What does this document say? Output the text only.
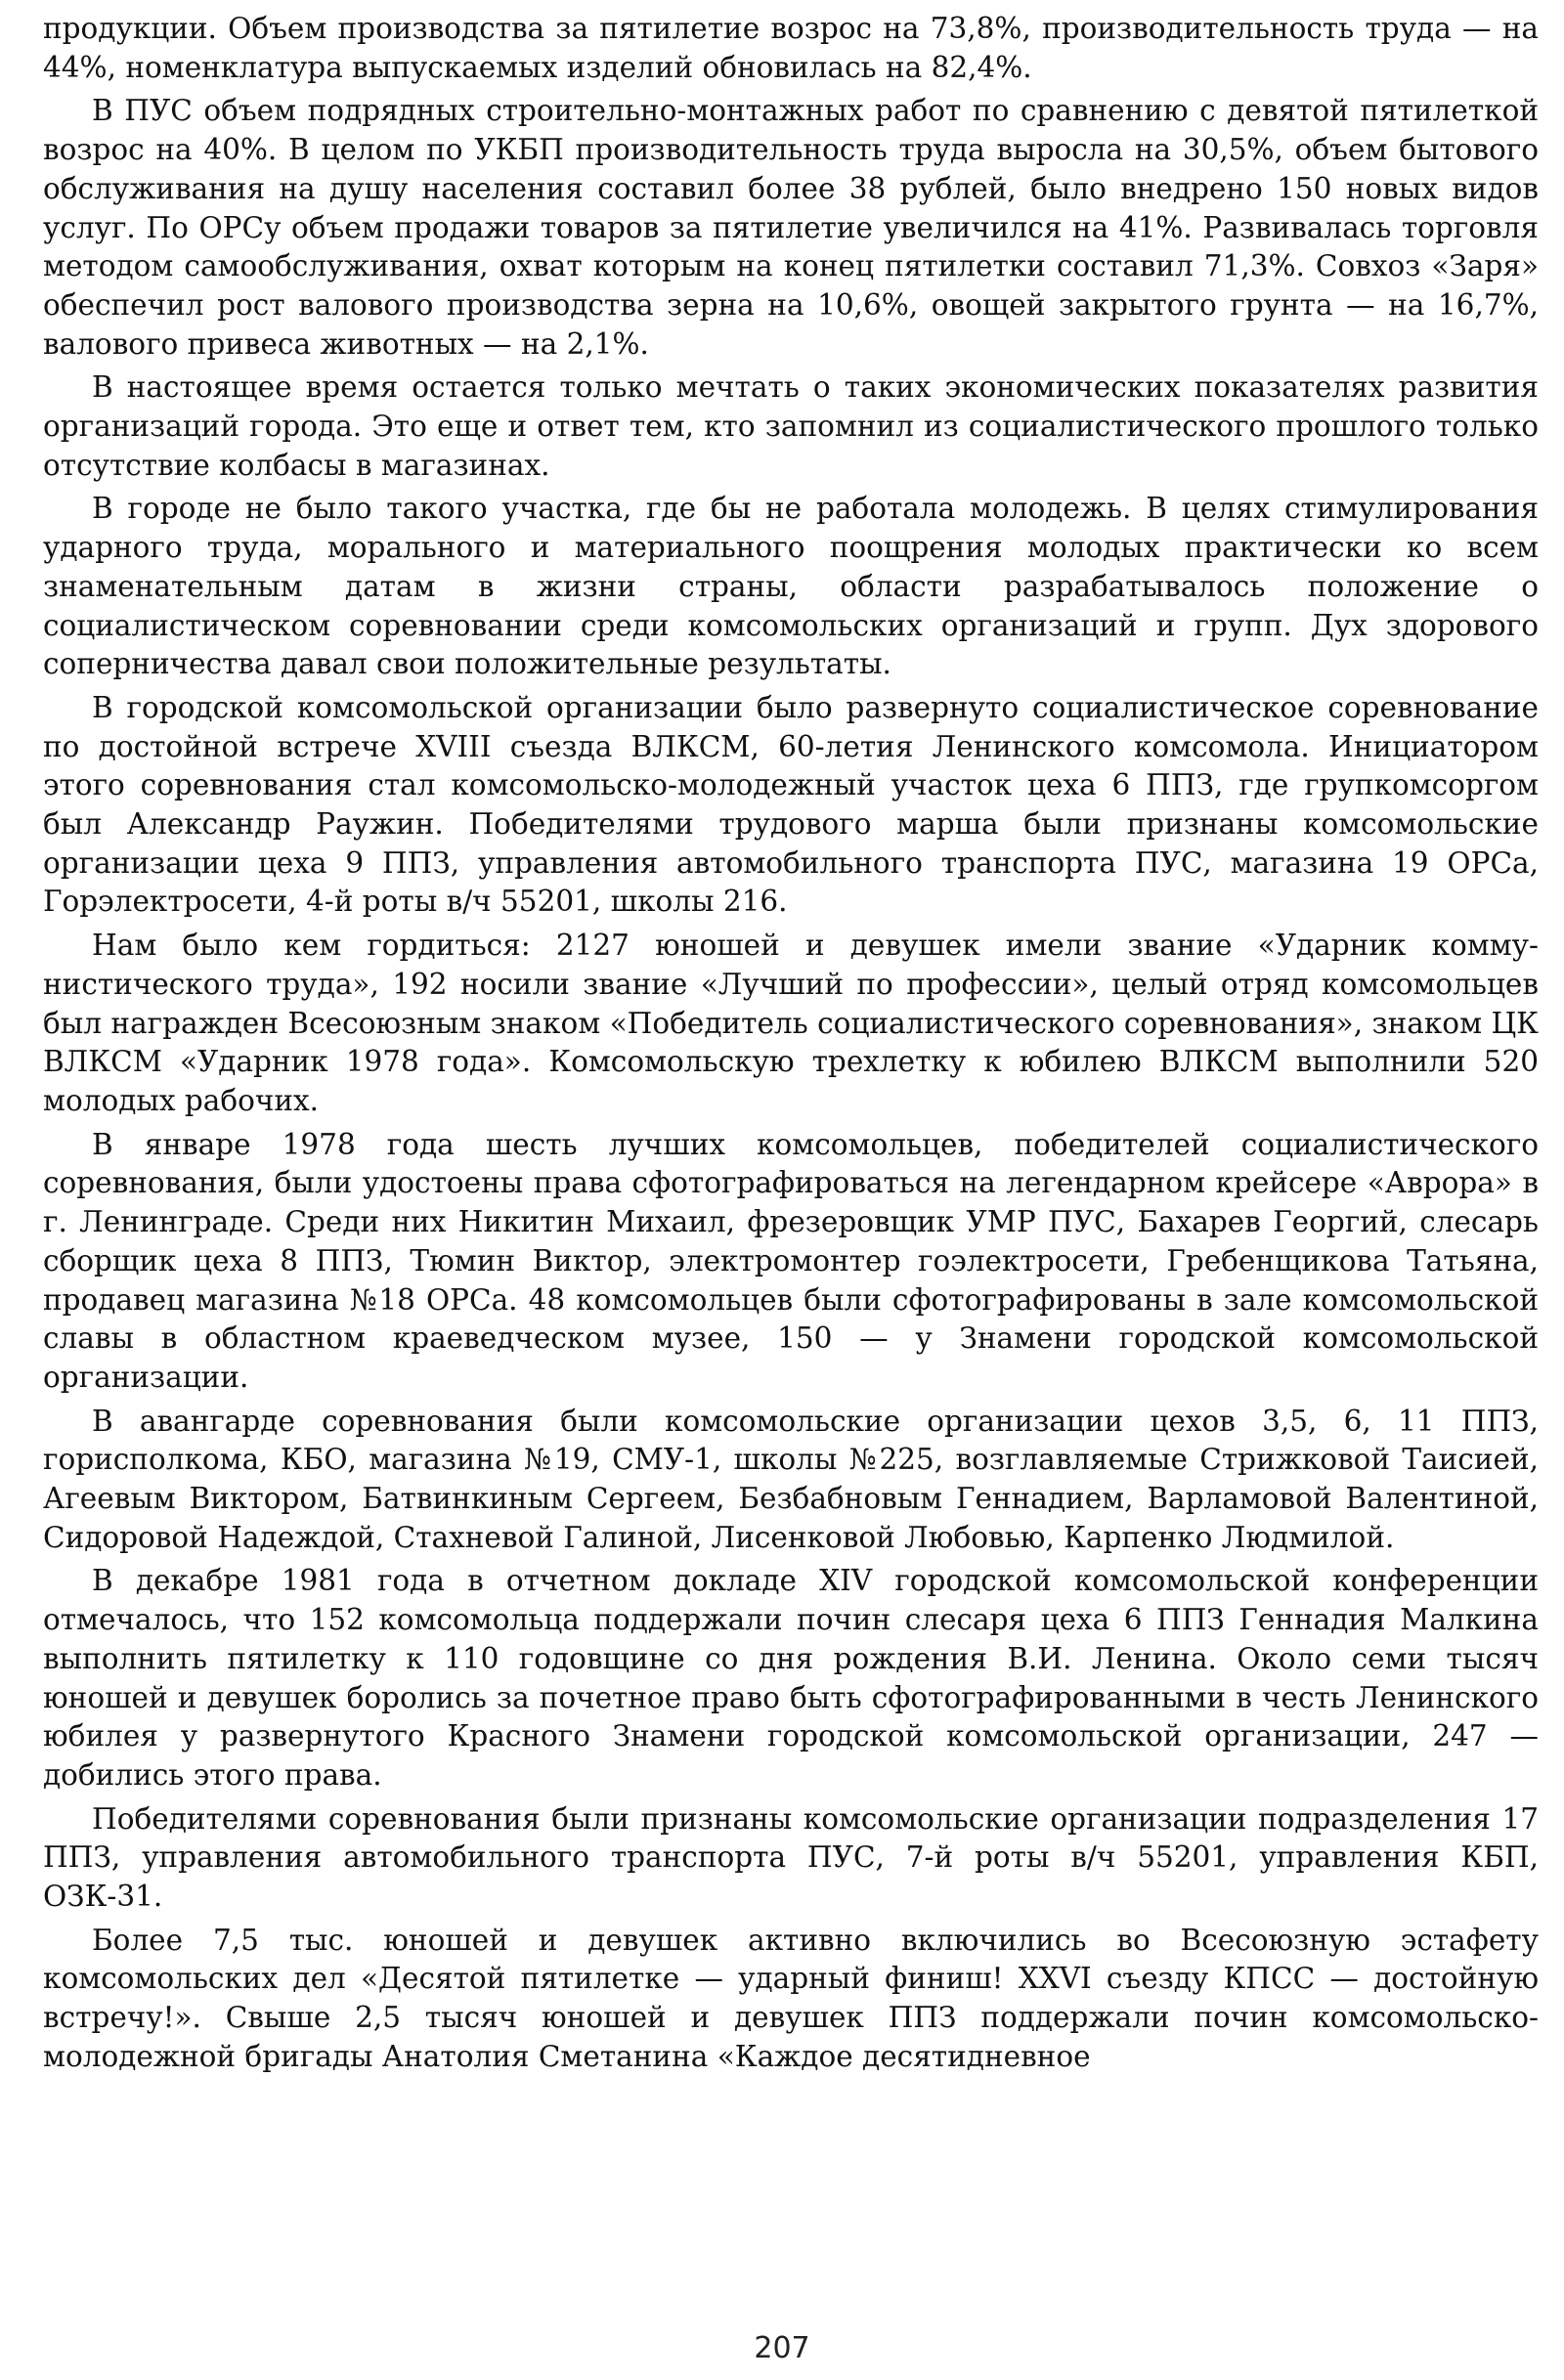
продукции. Объем производства за пятилетие возрос на 73,8%, производительность труда — на 44%, номенклатура выпускаемых изделий обновилась на 82,4%.

В ПУС объем подрядных строительно-монтажных работ по сравнению с девятой пятилеткой возрос на 40%. В целом по УКБП производительность труда выросла на 30,5%, объем бытового обслуживания на душу населения составил более 38 рублей, было внедрено 150 новых видов услуг. По ОРСу объем продажи товаров за пятилетие увеличился на 41%. Развивалась торговля методом самообслуживания, охват которым на конец пятилетки составил 71,3%. Совхоз «Заря» обеспечил рост валового производства зерна на 10,6%, овощей закрытого грунта — на 16,7%, валового привеса животных — на 2,1%.

В настоящее время остается только мечтать о таких экономических показателях развития организаций города. Это еще и ответ тем, кто запомнил из социалистического прошлого только отсутствие колбасы в магазинах.

В городе не было такого участка, где бы не работала молодежь. В целях стимулирования ударного труда, морального и материального поощрения молодых практически ко всем знаменательным датам в жизни страны, области разрабатывалось положение о социалистическом соревновании среди комсомольских организаций и групп. Дух здорового соперничества давал свои положительные результаты.

В городской комсомольской организации было развернуто социалистическое соревнование по достойной встрече XVIII съезда ВЛКСМ, 60-летия Ленинского комсомола. Инициатором этого соревнования стал комсомольско-молодежный участок цеха 6 ППЗ, где групкомсоргом был Александр Раужин. Победителями трудового марша были признаны комсомольские организации цеха 9 ППЗ, управления автомобильного транспорта ПУС, магазина 19 ОРСа, Горэлектросети, 4-й роты в/ч 55201, школы 216.

Нам было кем гордиться: 2127 юношей и девушек имели звание «Ударник коммунистического труда», 192 носили звание «Лучший по профессии», целый отряд комсомольцев был награжден Всесоюзным знаком «Победитель социалистического соревнования», знаком ЦК ВЛКСМ «Ударник 1978 года». Комсомольскую трехлетку к юбилею ВЛКСМ выполнили 520 молодых рабочих.

В январе 1978 года шесть лучших комсомольцев, победителей социалистического соревнования, были удостоены права сфотографироваться на легендарном крейсере «Аврора» в г. Ленинграде. Среди них Никитин Михаил, фрезеровщик УМР ПУС, Бахарев Георгий, слесарь сборщик цеха 8 ППЗ, Тюмин Виктор, электромонтер гоэлектросети, Гребенщикова Татьяна, продавец магазина №18 ОРСа. 48 комсомольцев были сфотографированы в зале комсомольской славы в областном краеведческом музее, 150 — у Знамени городской комсомольской организации.

В авангарде соревнования были комсомольские организации цехов 3,5, 6, 11 ППЗ, горисполкома, КБО, магазина №19, СМУ-1, школы №225, возглавляемые Стрижковой Таисией, Агеевым Виктором, Батвинкиным Сергеем, Безбабновым Геннадием, Варламовой Валентиной, Сидоровой Надеждой, Стахневой Галиной, Лисенковой Любовью, Карпенко Людмилой.

В декабре 1981 года в отчетном докладе XIV городской комсомольской конференции отмечалось, что 152 комсомольца поддержали почин слесаря цеха 6 ППЗ Геннадия Малкина выполнить пятилетку к 110 годовщине со дня рождения В.И. Ленина. Около семи тысяч юношей и девушек боролись за почетное право быть сфотографированными в честь Ленинского юбилея у развернутого Красного Знамени городской комсомольской организации, 247 — добились этого права.

Победителями соревнования были признаны комсомольские организации подразделения 17 ППЗ, управления автомобильного транспорта ПУС, 7-й роты в/ч 55201, управления КБП, ОЗК-31.

Более 7,5 тыс. юношей и девушек активно включились во Всесоюзную эстафету комсомольских дел «Десятой пятилетке — ударный финиш! XXVI съезду КПСС — достойную встречу!». Свыше 2,5 тысяч юношей и девушек ППЗ поддержали почин комсомольско-молодежной бригады Анатолия Сметанина «Каждое десятидневное

207
